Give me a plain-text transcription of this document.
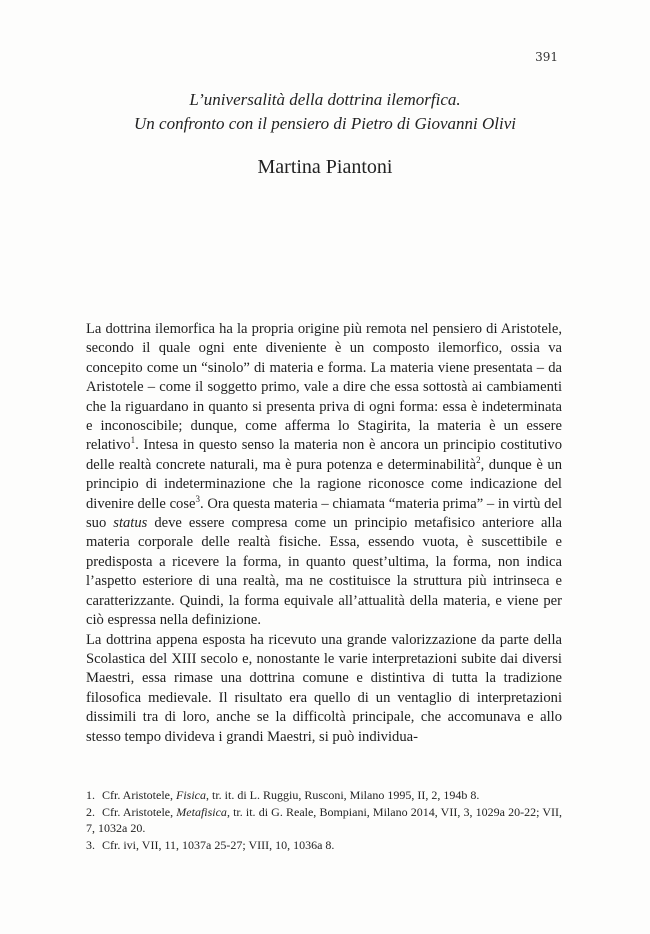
391
L’universalità della dottrina ilemorfica.
Un confronto con il pensiero di Pietro di Giovanni Olivi
Martina Piantoni

La dottrina ilemorfica ha la propria origine più remota nel pensiero di Aristotele, secondo il quale ogni ente diveniente è un composto ilemorfico, ossia va concepito come un “sinolo” di materia e forma. La materia viene presentata – da Aristotele – come il soggetto primo, vale a dire che essa sottostà ai cambiamenti che la riguardano in quanto si presenta priva di ogni forma: essa è indeterminata e inconoscibile; dunque, come afferma lo Stagirita, la materia è un essere relativo$^1$. Intesa in questo senso la materia non è ancora un principio costitutivo delle realtà concrete naturali, ma è pura potenza e determinabilità$^2$, dunque è un principio di indeterminazione che la ragione riconosce come indicazione del divenire delle cose$^3$. Ora questa materia – chiamata “materia prima” – in virtù del suo status deve essere compresa come un principio metafisico anteriore alla materia corporale delle realtà fisiche. Essa, essendo vuota, è suscettibile e predisposta a ricevere la forma, in quanto quest’ultima, la forma, non indica l’aspetto esteriore di una realtà, ma ne costituisce la struttura più intrinseca e caratterizzante. Quindi, la forma equivale all’attualità della materia, e viene per ciò espressa nella definizione.

La dottrina appena esposta ha ricevuto una grande valorizzazione da parte della Scolastica del XIII secolo e, nonostante le varie interpretazioni subite dai diversi Maestri, essa rimase una dottrina comune e distintiva di tutta la tradizione filosofica medievale. Il risultato era quello di un ventaglio di interpretazioni dissimili tra di loro, anche se la difficoltà principale, che accomunava e allo stesso tempo divideva i grandi Maestri, si può individua-

1. Cfr. Aristotele, Fisica, tr. it. di L. Ruggiu, Rusconi, Milano 1995, II, 2, 194b 8.

2. Cfr. Aristotele, Metafisica, tr. it. di G. Reale, Bompiani, Milano 2014, VII, 3, 1029a 20-22; VII, 7, 1032a 20.

3. Cfr. ivi, VII, 11, 1037a 25-27; VIII, 10, 1036a 8.
